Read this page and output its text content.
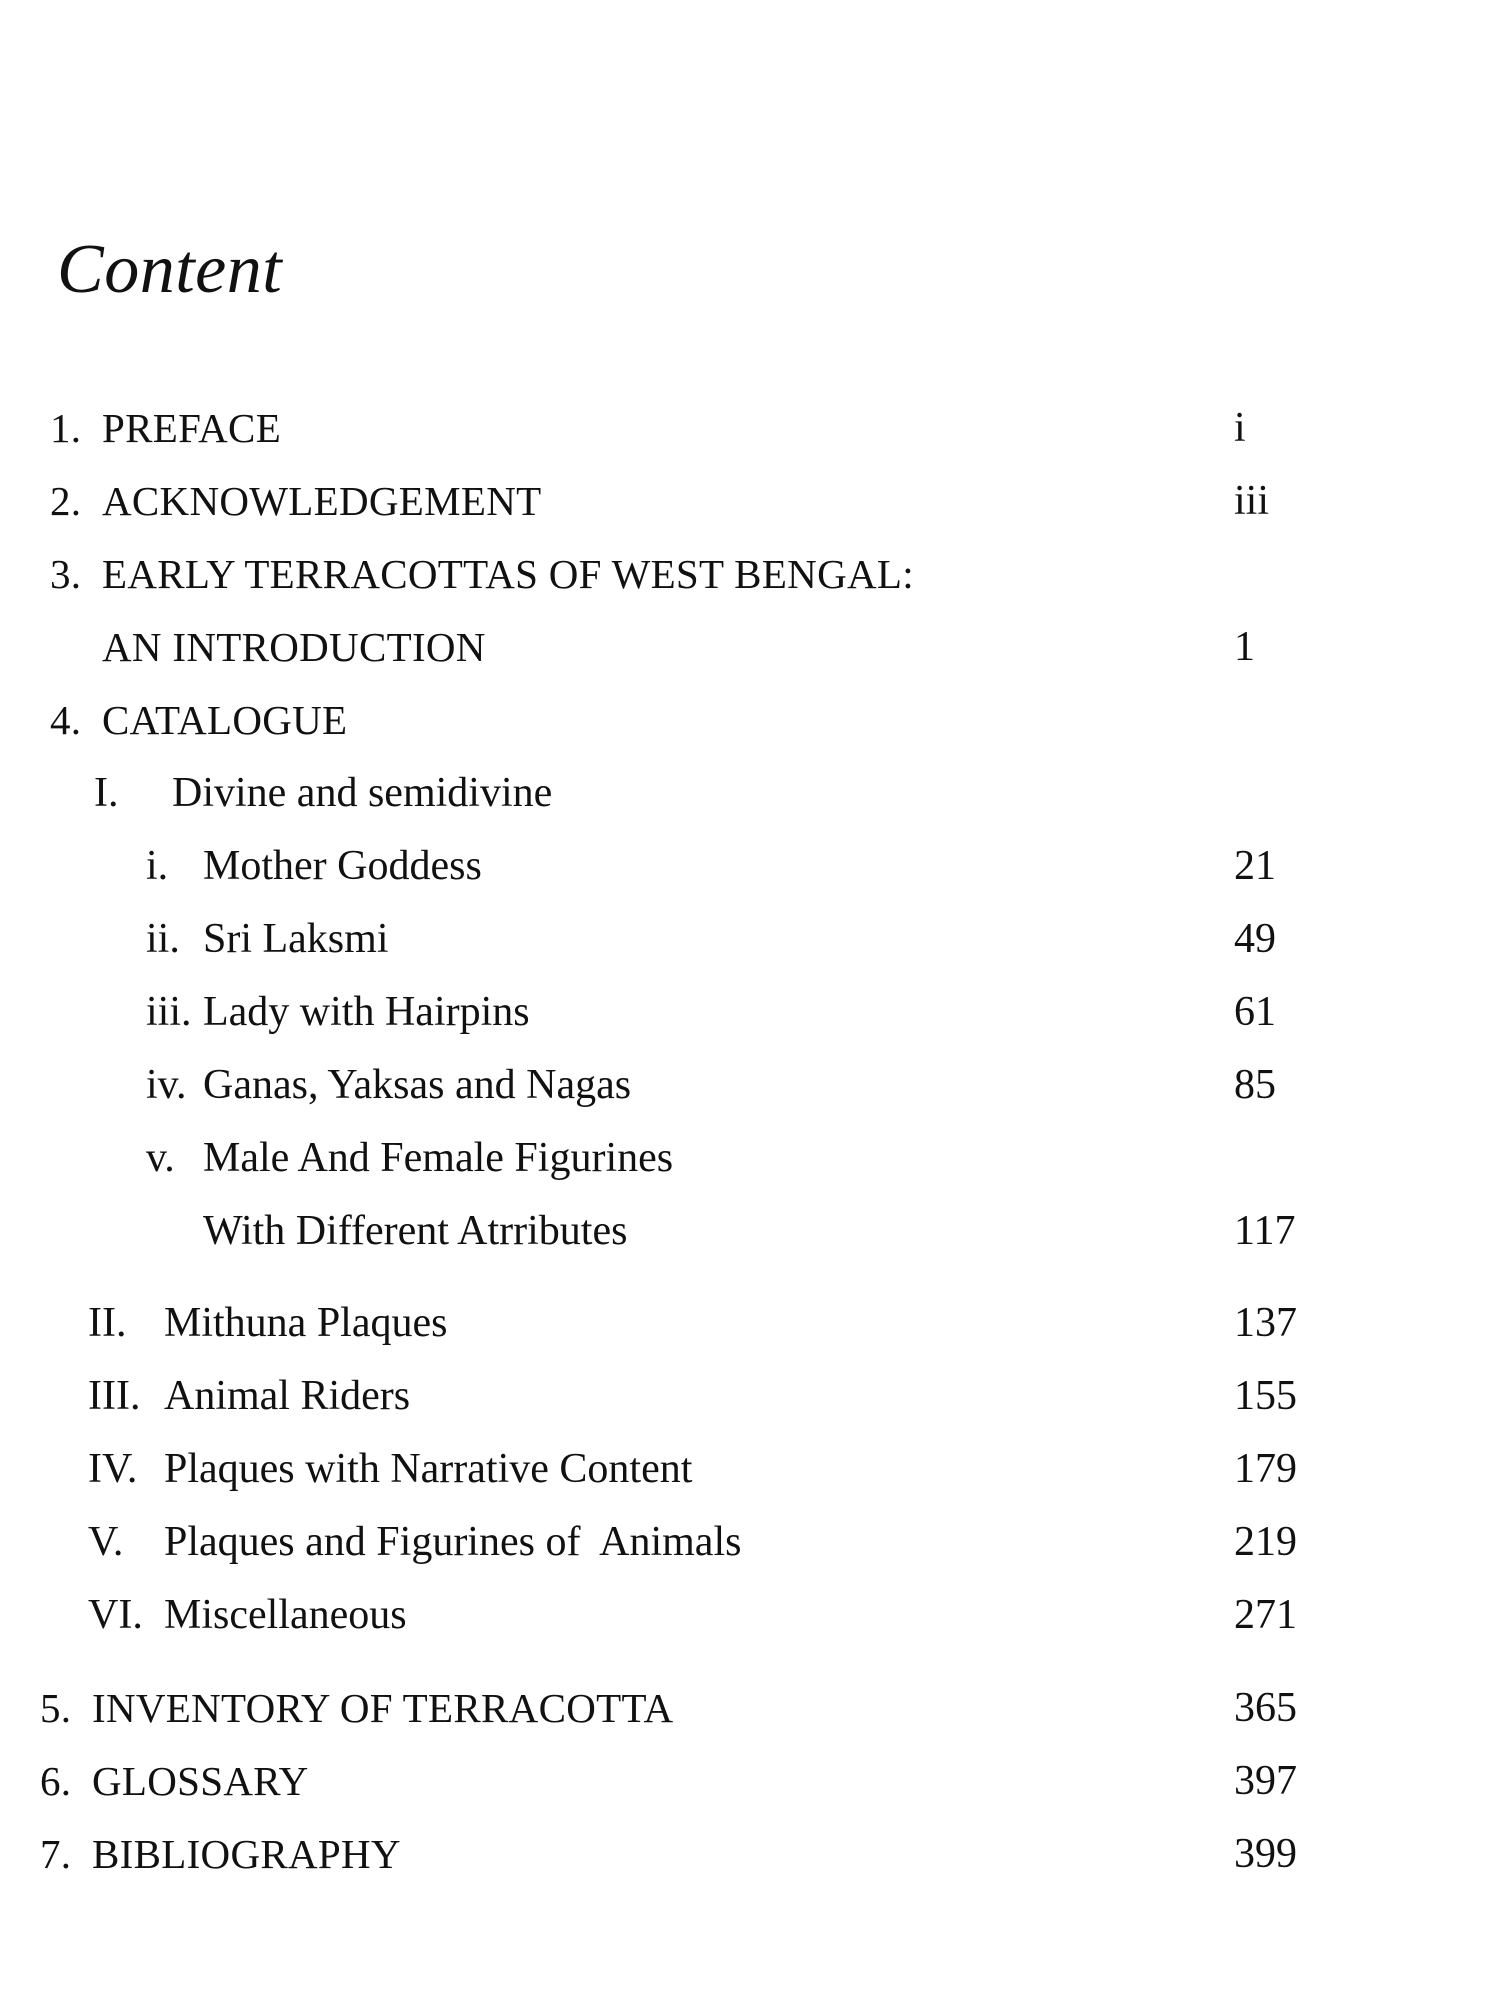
Content
1. PREFACE	i
2. ACKNOWLEDGEMENT	iii
3. EARLY TERRACOTTAS OF WEST BENGAL:
AN INTRODUCTION	1
4. CATALOGUE
I. Divine and semidivine
i. Mother Goddess	21
ii. Sri Laksmi	49
iii. Lady with Hairpins	61
iv. Ganas, Yaksas and Nagas	85
v. Male And Female Figurines
With Different Atrributes	117
II. Mithuna Plaques	137
III. Animal Riders	155
IV. Plaques with Narrative Content	179
V. Plaques and Figurines of  Animals	219
VI. Miscellaneous	271
5. INVENTORY OF TERRACOTTA	365
6. GLOSSARY	397
7. BIBLIOGRAPHY	399
